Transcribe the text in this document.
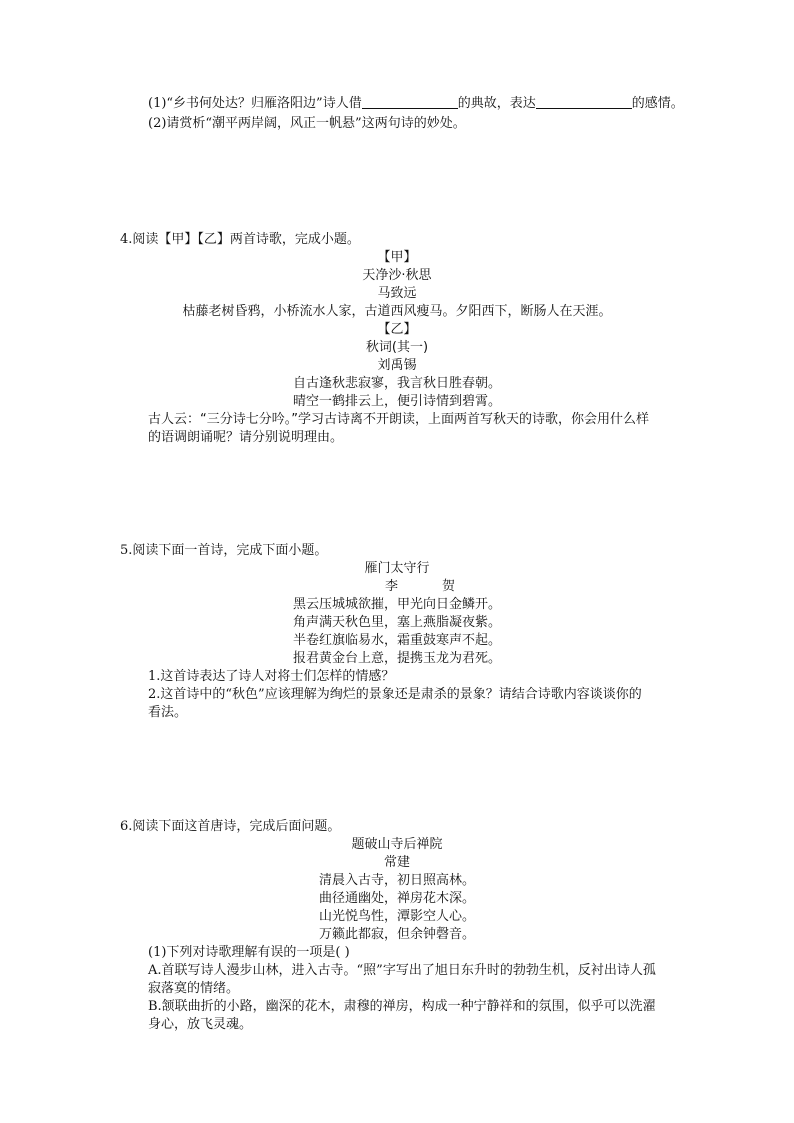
(1)“乡书何处达？归雁洛阳边”诗人借	的典故，表达	的感情。
(2)请赏析“潮平两岸阔，风正一帆悬”这两句诗的妙处。
4.阅读【甲】【乙】两首诗歌，完成小题。
【甲】
天净沙·秋思
马致远
枯藤老树昏鸦，小桥流水人家，古道西风瘦马。夕阳西下，断肠人在天涯。
【乙】
秋词(其一)
刘禹锡
自古逢秋悲寂寥，我言秋日胜春朝。
晴空一鹤排云上，便引诗情到碧霄。
古人云：“三分诗七分吟。”学习古诗离不开朗读，上面两首写秋天的诗歌，你会用什么样
的语调朗诵呢？请分别说明理由。
5.阅读下面一首诗，完成下面小题。
雁门太守行
李	贺
黑云压城城欲摧，甲光向日金鳞开。
角声满天秋色里，塞上燕脂凝夜紫。
半卷红旗临易水，霜重鼓寒声不起。
报君黄金台上意，提携玉龙为君死。
1.这首诗表达了诗人对将士们怎样的情感？
2.这首诗中的“秋色”应该理解为绚烂的景象还是肃杀的景象？请结合诗歌内容谈谈你的
看法。
6.阅读下面这首唐诗，完成后面问题。
题破山寺后禅院
常建
清晨入古寺，初日照高林。
曲径通幽处，禅房花木深。
山光悦鸟性，潭影空人心。
万籁此都寂，但余钟磬音。
(1)下列对诗歌理解有误的一项是( )
A.首联写诗人漫步山林，进入古寺。“照”字写出了旭日东升时的勃勃生机，反衬出诗人孤
寂落寞的情绪。
B.颔联曲折的小路，幽深的花木，肃穆的禅房，构成一种宁静祥和的氛围，似乎可以洗濯
身心，放飞灵魂。
